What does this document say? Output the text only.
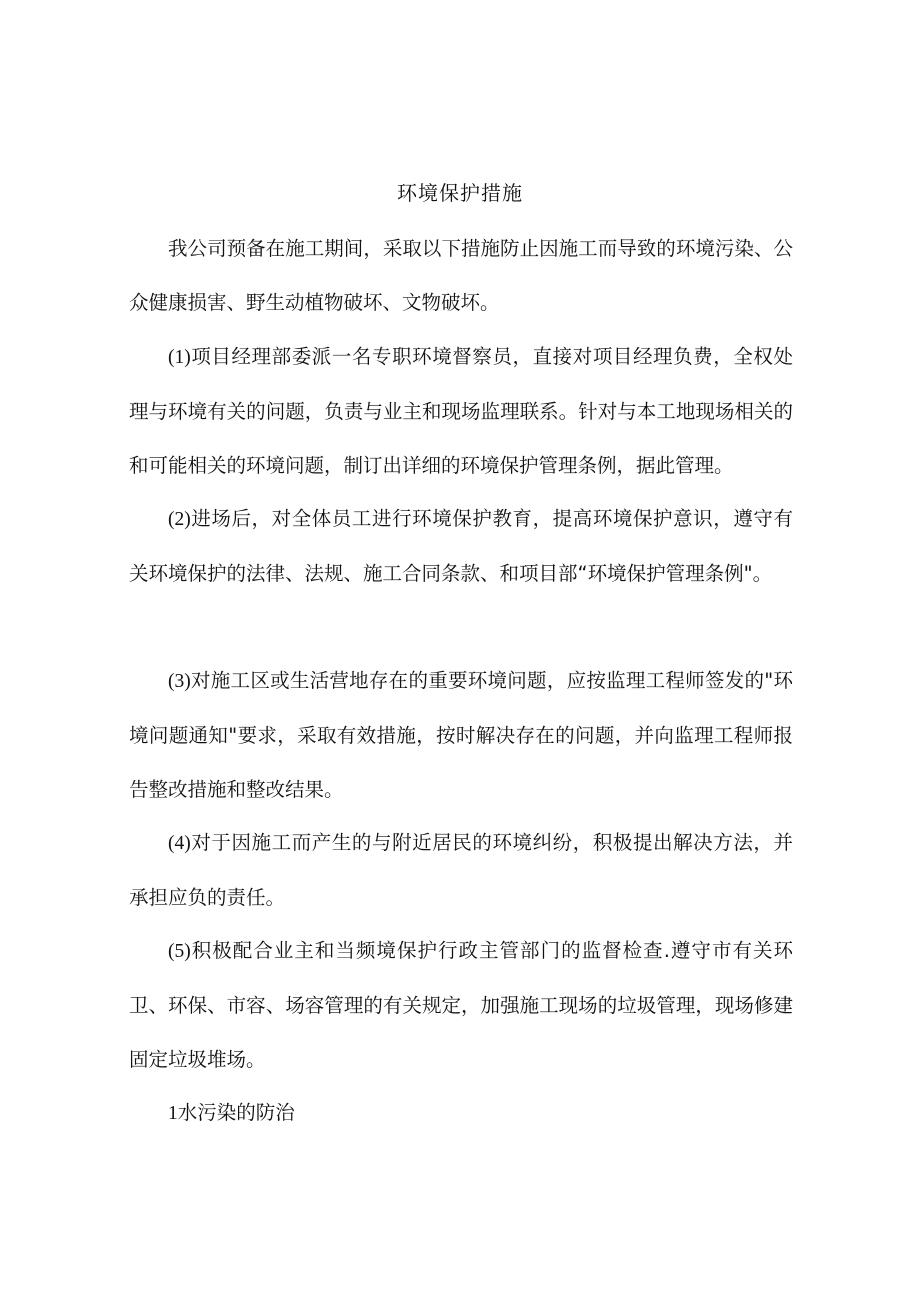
环境保护措施

我公司预备在施工期间，采取以下措施防止因施工而导致的环境污染、公众健康损害、野生动植物破坏、文物破坏。

(1)项目经理部委派一名专职环境督察员，直接对项目经理负费，全权处理与环境有关的问题，负责与业主和现场监理联系。针对与本工地现场相关的和可能相关的环境问题，制订出详细的环境保护管理条例，据此管理。

(2)进场后，对全体员工进行环境保护教育，提高环境保护意识，遵守有关环境保护的法律、法规、施工合同条款、和项目部“环境保护管理条例"。

(3)对施工区或生活营地存在的重要环境问题，应按监理工程师签发的"环境问题通知"要求，采取有效措施，按时解决存在的问题，并向监理工程师报告整改措施和整改结果。

(4)对于因施工而产生的与附近居民的环境纠纷，积极提出解决方法，并承担应负的责任。

(5)积极配合业主和当频境保护行政主管部门的监督检查.遵守市有关环卫、环保、市容、场容管理的有关规定，加强施工现场的垃圾管理，现场修建固定垃圾堆场。

1水污染的防治
